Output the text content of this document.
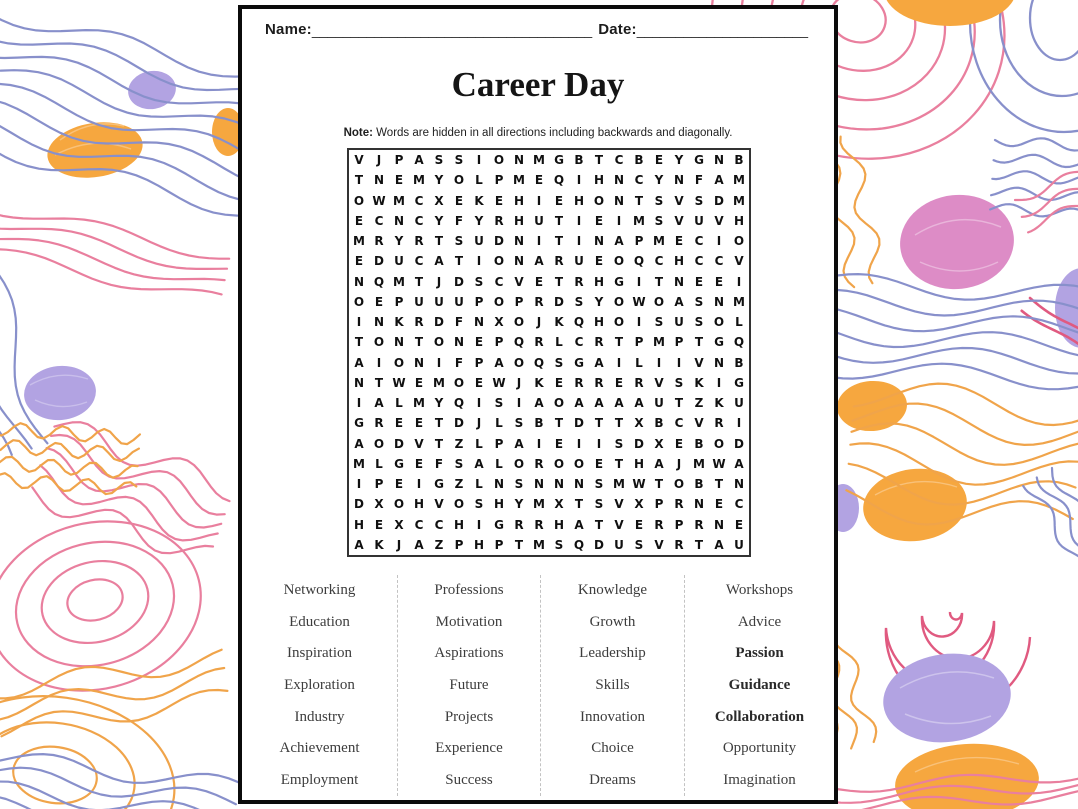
Name: ____________________________________ Date: ______________________
Career Day
Note: Words are hidden in all directions including backwards and diagonally.
V	J	P A S S	I	O N M G B T C B E Y G N B
T N E M Y O L P M E Q	I	H N C Y N F A M
O W M C X E K E H	I	E H O N T S V S D M
E C N C Y F Y R H U T	I	E	I M S V U V H
M R Y R T S U D N	I	T	I	N A P M E C	I	O
E D U C A T	I	O N A R U E O Q C H C C V
N Q M T	J	D S C V E T R H G	I	T N E E	I
O E P U U U P O P R D S Y O W O A S N M
I	N K R D F N X O	J	K Q H O	I	S U S O L
T O N T O N E P Q R L C R T P M P T G Q
A	I	O N	I	F P A O Q S G A	I	L	I	I	V N B
N T W E M O E W J	K E R R E R V S K	I	G
I	A L M Y Q	I	S	I	A O A A A A U T Z K U
G R E E T D	J	L S B T D T T X B C V R	I
A O D V T Z L P A	I	E	I	I	S D X E B O D
M L G E F S A L O R O O E T H A	J M W A
I	P E	I	G Z L N S N N N S M W T O B T N
D X O H V O S H Y M X T S V X P R N E C
H E X C C H	I	G R R H A T V E R P R N E
A K	J	A Z P H P T M S Q D U S V R T A U
Networking
Education
Inspiration
Exploration
Industry
Achievement
Employment
Professions
Motivation
Aspirations
Future
Projects
Experience
Success
Knowledge
Growth
Leadership
Skills
Innovation
Choice
Dreams
Workshops
Advice
Passion
Guidance
Collaboration
Opportunity
Imagination
